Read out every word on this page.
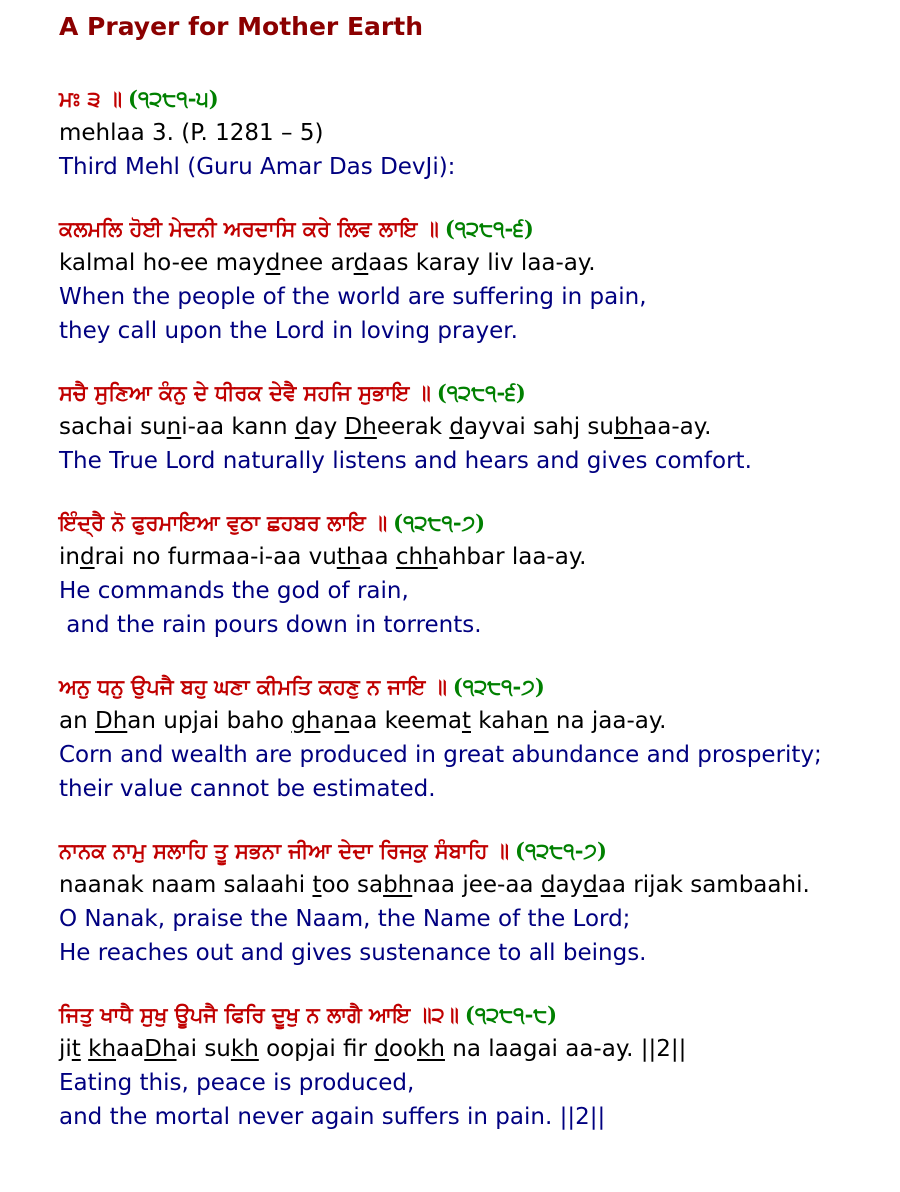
A Prayer for Mother Earth
ਮਃ ੩ ॥ (੧੨੮੧-੫)
mehlaa 3. (P. 1281 – 5)
Third Mehl (Guru Amar Das DevJi):
ਕਲਮਲਿ ਹੋਈ ਮੇਦਨੀ ਅਰਦਾਸਿ ਕਰੇ ਲਿਵ ਲਾਇ ॥ (੧੨੮੧-੬)
kalmal ho-ee maydnee ardaas karay liv laa-ay.
When the people of the world are suffering in pain,
they call upon the Lord in loving prayer.
ਸਚੈ ਸੁਣਿਆ ਕੰਨੁ ਦੇ ਧੀਰਕ ਦੇਵੈ ਸਹਜਿ ਸੁਭਾਇ ॥ (੧੨੮੧-੬)
sachai suni-aa kann day Dheerak dayvai sahj subhaa-ay.
The True Lord naturally listens and hears and gives comfort.
ਇੰਦ੍ਰੈ ਨੋ ਫੁਰਮਾਇਆ ਵੁਠਾ ਛਹਬਰ ਲਾਇ ॥ (੧੨੮੧-੭)
indrai no furmaa-i-aa vuthaa chhahbar laa-ay.
He commands the god of rain,
and the rain pours down in torrents.
ਅਨੁ ਧਨੁ ਉਪਜੈ ਬਹੁ ਘਣਾ ਕੀਮਤਿ ਕਹਣੁ ਨ ਜਾਇ ॥ (੧੨੮੧-੭)
an Dhan upjai baho ghanaa keemat kahan na jaa-ay.
Corn and wealth are produced in great abundance and prosperity;
their value cannot be estimated.
ਨਾਨਕ ਨਾਮੁ ਸਲਾਹਿ ਤੂ ਸਭਨਾ ਜੀਆ ਦੇਦਾ ਰਿਜਕੁ ਸੰਬਾਹਿ ॥ (੧੨੮੧-੭)
naanak naam salaahi too sabhnaa jee-aa daydaa rijak sambaahi.
O Nanak, praise the Naam, the Name of the Lord;
He reaches out and gives sustenance to all beings.
ਜਿਤੁ ਖਾਧੈ ਸੁਖੁ ਊਪਜੈ ਫਿਰਿ ਦੂਖੁ ਨ ਲਾਗੈ ਆਇ ॥੨॥ (੧੨੮੧-੮)
jit khaaDhai sukh oopjai fir dookh na laagai aa-ay. ||2||
Eating this, peace is produced,
and the mortal never again suffers in pain. ||2||
